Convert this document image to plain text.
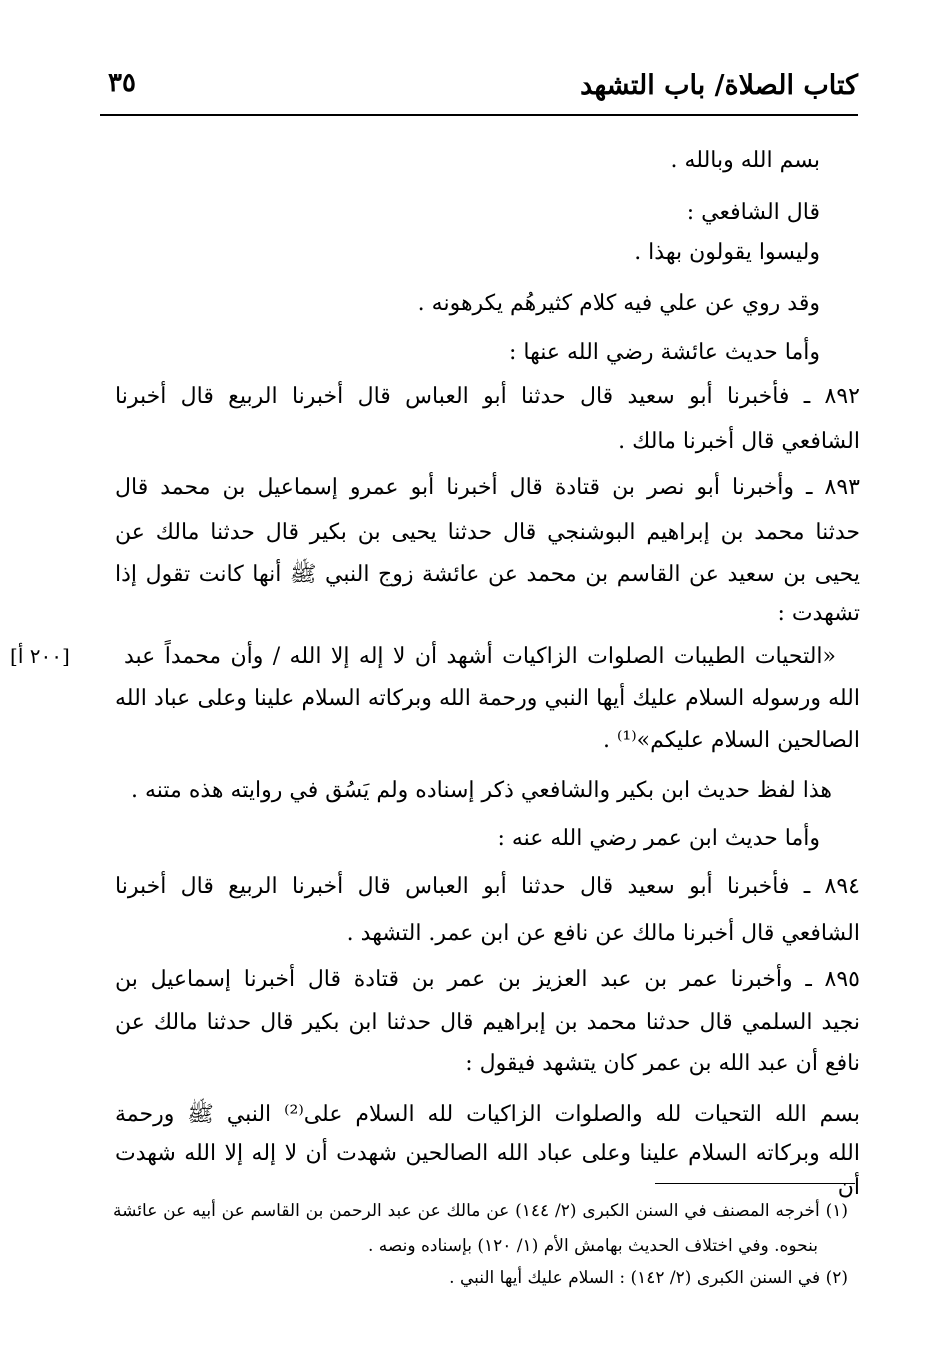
كتاب الصلاة/ باب التشهد
٣٥
[٢٠٠ أ]
بسم الله وبالله .
قال الشافعي :
وليسوا يقولون بهذا .
وقد روي عن علي فيه كلام كثيرهُم يكرهونه .
وأما حديث عائشة رضي الله عنها :
٨٩٢ ـ فأخبرنا أبو سعيد قال حدثنا أبو العباس قال أخبرنا الربيع قال أخبرنا
الشافعي قال أخبرنا مالك .
٨٩٣ ـ وأخبرنا أبو نصر بن قتادة قال أخبرنا أبو عمرو إسماعيل بن محمد قال
حدثنا محمد بن إبراهيم البوشنجي قال حدثنا يحيى بن بكير قال حدثنا مالك عن
يحيى بن سعيد عن القاسم بن محمد عن عائشة زوج النبي ﷺ أنها كانت تقول إذا
تشهدت :
«التحيات الطيبات الصلوات الزاكيات أشهد أن لا إله إلا الله / وأن محمداً عبد
الله ورسوله السلام عليك أيها النبي ورحمة الله وبركاته السلام علينا وعلى عباد الله
الصالحين السلام عليكم»⁽¹⁾ .
هذا لفظ حديث ابن بكير والشافعي ذكر إسناده ولم يَسُق في روايته هذه متنه .
وأما حديث ابن عمر رضي الله عنه :
٨٩٤ ـ فأخبرنا أبو سعيد قال حدثنا أبو العباس قال أخبرنا الربيع قال أخبرنا
الشافعي قال أخبرنا مالك عن نافع عن ابن عمر. التشهد .
٨٩٥ ـ وأخبرنا عمر بن عبد العزيز بن عمر بن قتادة قال أخبرنا إسماعيل بن
نجيد السلمي قال حدثنا محمد بن إبراهيم قال حدثنا ابن بكير قال حدثنا مالك عن
نافع أن عبد الله بن عمر كان يتشهد فيقول :
بسم الله التحيات لله والصلوات الزاكيات لله السلام على⁽²⁾ النبي ﷺ ورحمة
الله وبركاته السلام علينا وعلى عباد الله الصالحين شهدت أن لا إله إلا الله شهدت أن
(١) أخرجه المصنف في السنن الكبرى (٢/ ١٤٤) عن مالك عن عبد الرحمن بن القاسم عن أبيه عن عائشة
بنحوه. وفي اختلاف الحديث بهامش الأم (١/ ١٢٠) بإسناده ونصه .
(٢) في السنن الكبرى (٢/ ١٤٢) : السلام عليك أيها النبي .
